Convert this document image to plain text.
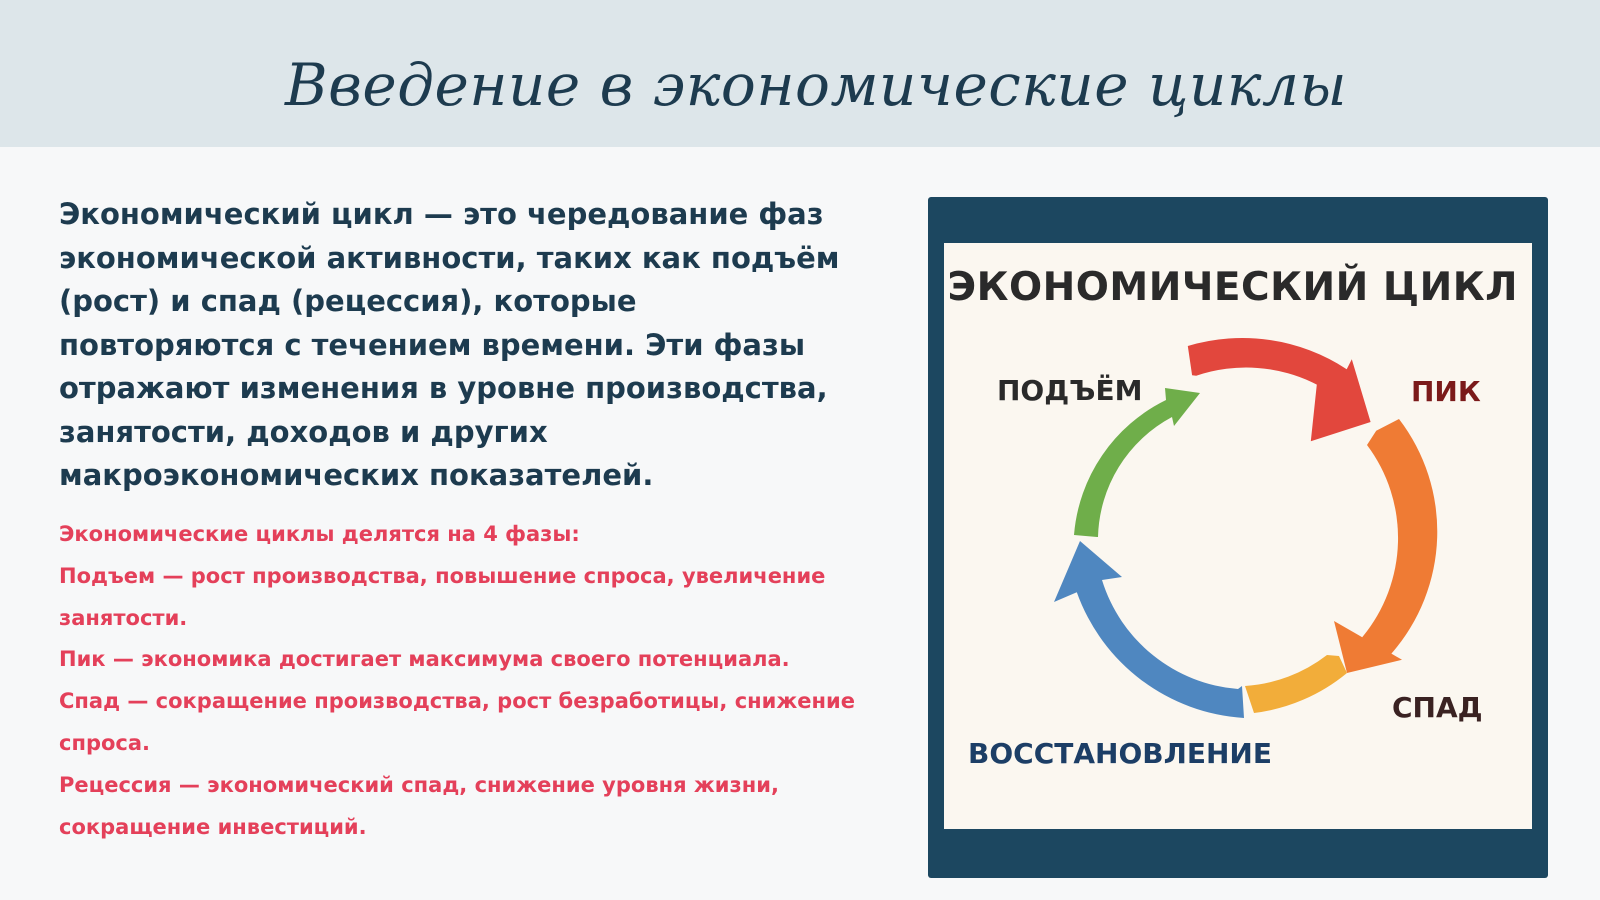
Введение в экономические циклы

Экономический цикл — это чередование фаз экономической активности, таких как подъём (рост) и спад (рецессия), которые повторяются с течением времени. Эти фазы отражают изменения в уровне производства, занятости, доходов и других макроэкономических показателей.

Экономические циклы делятся на 4 фазы:

Подъем — рост производства, повышение спроса, увеличение занятости.

Пик — экономика достигает максимума своего потенциала.

Спад — сокращение производства, рост безработицы, снижение спроса.

Рецессия — экономический спад, снижение уровня жизни, сокращение инвестиций.

ЭКОНОМИЧЕСКИЙ ЦИКЛ
ПОДЪЁМ	ПИК
СПАД
ВОССТАНОВЛЕНИЕ
